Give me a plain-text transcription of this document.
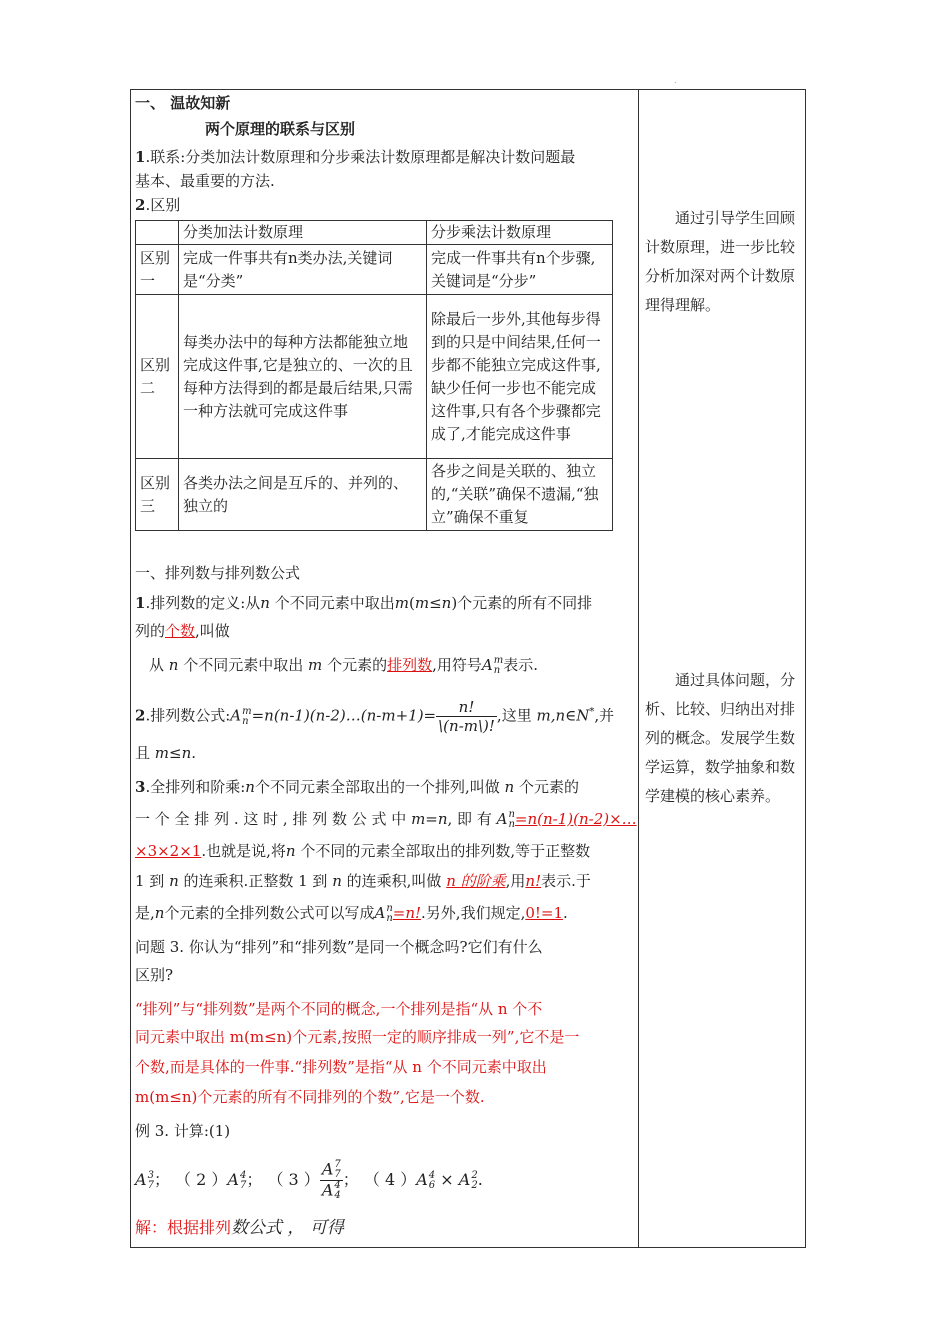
.
一、 温故知新
两个原理的联系与区别
1.联系:分类加法计数原理和分步乘法计数原理都是解决计数问题最
基本、最重要的方法.
2.区别
	分类加法计数原理	分步乘法计数原理
区别一	完成一件事共有n类办法,关键词是“分类”	完成一件事共有n个步骤,关键词是“分步”
区别二	每类办法中的每种方法都能独立地完成这件事,它是独立的、一次的且每种方法得到的都是最后结果,只需一种方法就可完成这件事	除最后一步外,其他每步得到的只是中间结果,任何一步都不能独立完成这件事,缺少任何一步也不能完成这件事,只有各个步骤都完成了,才能完成这件事
区别三	各类办法之间是互斥的、并列的、独立的	各步之间是关联的、独立的,“关联”确保不遗漏,“独立”确保不重复
一、排列数与排列数公式
1.排列数的定义:从n 个不同元素中取出m(m≤n)个元素的所有不同排
列的个数,叫做
从 n 个不同元素中取出 m 个元素的排列数,用符号A m
n 表示.
2.排列数公式:A m
n =n(n-1)(n-2)…(n-m+1)= $\frac{n!}{\backslash(n-m\backslash)!}$ ,这里 m,n∈N*,并
且 m≤n.
3.全排列和阶乘:n个不同元素全部取出的一个排列,叫做 n 个元素的
一 个 全 排 列 . 这 时 , 排 列 数 公 式 中 m=n, 即 有 A n
n =n(n-1)(n-2)×…
×3×2×1.也就是说,将n 个不同的元素全部取出的排列数,等于正整数
1 到 n 的连乘积.正整数 1 到 n 的连乘积,叫做 n 的阶乘,用n!表示.于
是,n个元素的全排列数公式可以写成A n
n =n!.另外,我们规定,0!=1.
问题 3. 你认为“排列”和“排列数”是同一个概念吗?它们有什么
区别?
“排列”与“排列数”是两个不同的概念,一个排列是指“从 n 个不
同元素中取出 m(m≤n)个元素,按照一定的顺序排成一列”,它不是一
个数,而是具体的一件事.“排列数”是指“从 n 个不同元素中取出
m(m≤n)个元素的所有不同排列的个数”,它是一个数.
例 3. 计算:(1)
A 3
7 ； （ 2 ）A 4
7 ； （ 3 ） A 7
7
A 4
4 ； （ 4 ）A 4
6 × A 2
2 .
解：根据排列数公式 ， 可得
通过引导学生回顾计数原理，进一步比较分析加深对两个计数原理得理解。
通过具体问题，分析、比较、归纳出对排列的概念。发展学生数学运算，数学抽象和数学建模的核心素养。
